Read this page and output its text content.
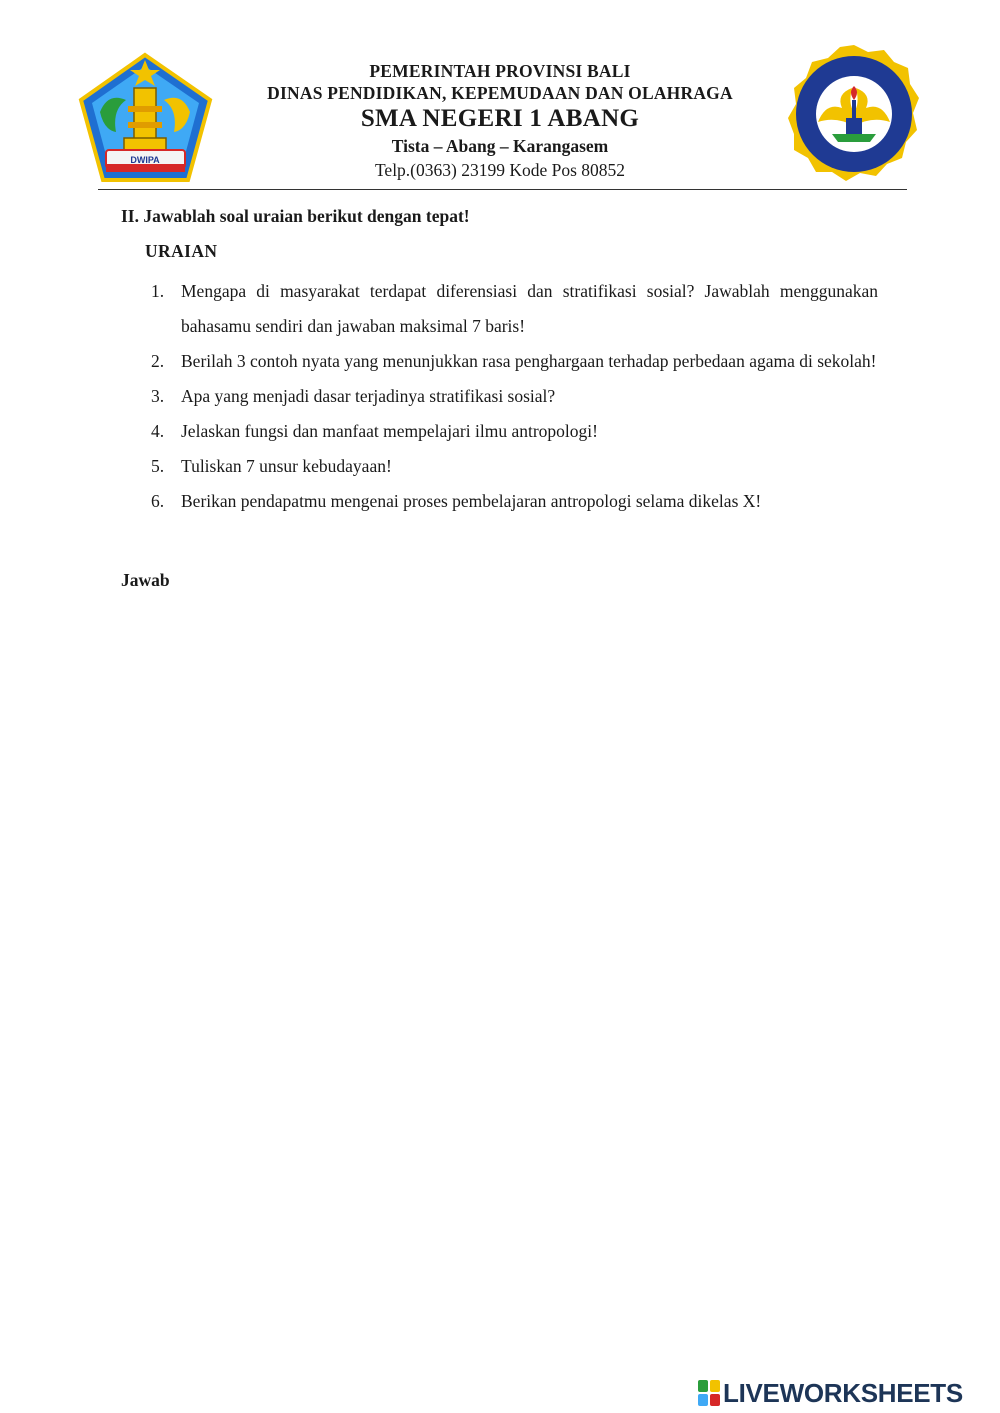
DWIPA
PEMERINTAH PROVINSI BALI
DINAS PENDIDIKAN, KEPEMUDAAN DAN OLAHRAGA
SMA NEGERI 1 ABANG
Tista – Abang – Karangasem
Telp.(0363) 23199 Kode Pos 80852
II. Jawablah soal uraian berikut dengan tepat!
URAIAN
1. Mengapa di masyarakat terdapat diferensiasi dan stratifikasi sosial? Jawablah menggunakan bahasamu sendiri dan jawaban maksimal 7 baris!
2. Berilah 3 contoh nyata yang menunjukkan rasa penghargaan terhadap perbedaan agama di sekolah!
3. Apa yang menjadi dasar terjadinya stratifikasi sosial?
4. Jelaskan fungsi dan manfaat mempelajari ilmu antropologi!
5. Tuliskan 7 unsur kebudayaan!
6. Berikan pendapatmu mengenai proses pembelajaran antropologi selama dikelas X!
Jawab
LIVEWORKSHEETS
